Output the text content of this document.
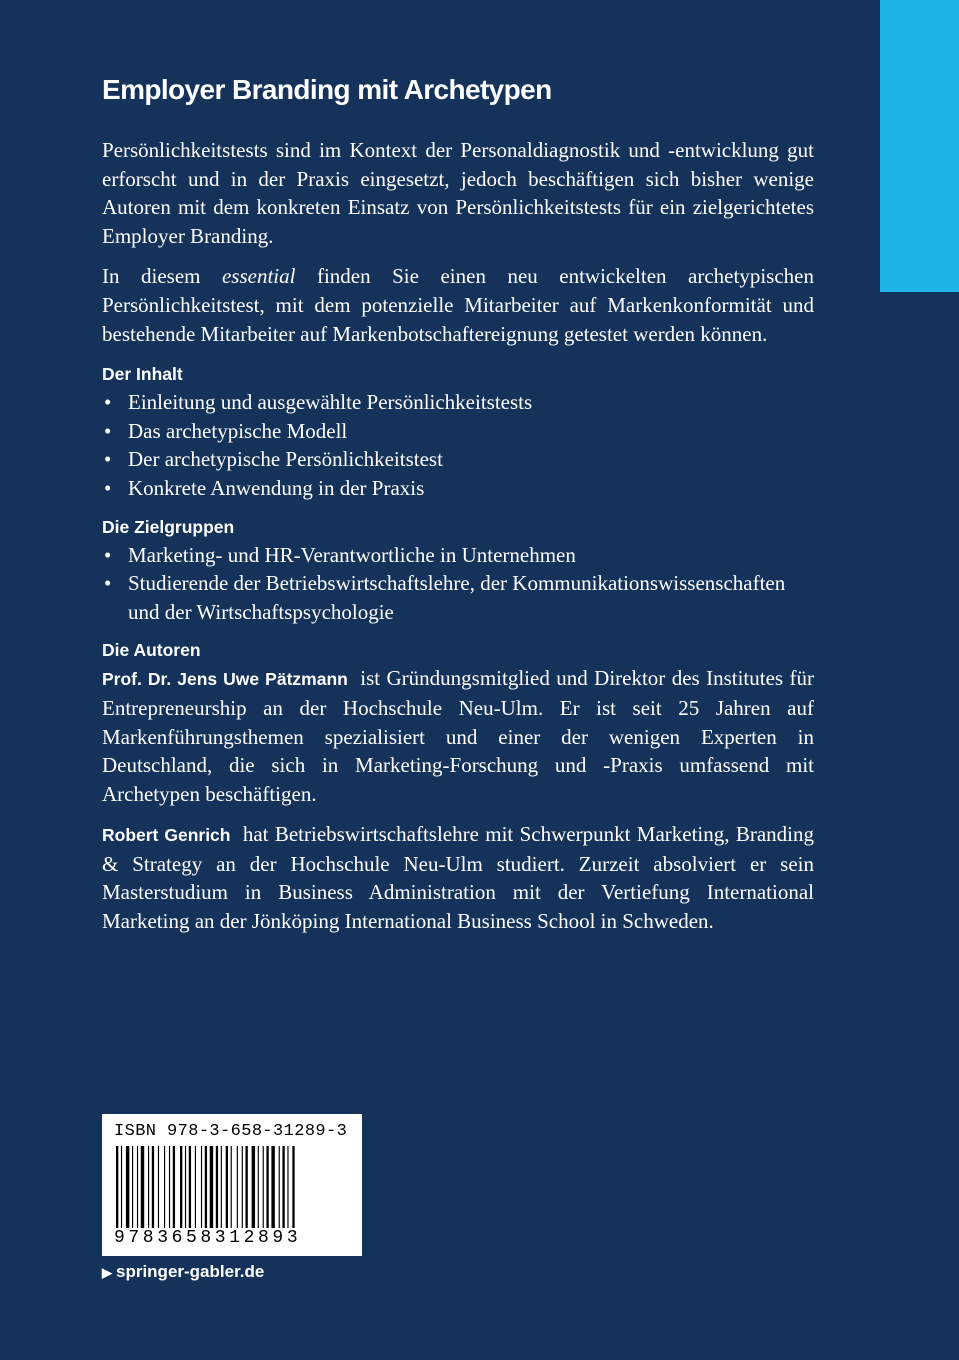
Employer Branding mit Archetypen

Persönlichkeitstests sind im Kontext der Personaldiagnostik und -entwicklung gut erforscht und in der Praxis eingesetzt, jedoch beschäftigen sich bisher wenige Autoren mit dem konkreten Einsatz von Persönlichkeitstests für ein zielgerichtetes Employer Branding.

In diesem essential finden Sie einen neu entwickelten archetypischen Persönlichkeitstest, mit dem potenzielle Mitarbeiter auf Markenkonformität und bestehende Mitarbeiter auf Markenbotschaftereignung getestet werden können.

Der Inhalt
• Einleitung und ausgewählte Persönlichkeitstests
• Das archetypische Modell
• Der archetypische Persönlichkeitstest
• Konkrete Anwendung in der Praxis
Die Zielgruppen
• Marketing- und HR-Verantwortliche in Unternehmen
• Studierende der Betriebswirtschaftslehre, der Kommunikationswissenschaften und der Wirtschaftspsychologie
Die Autoren

Prof. Dr. Jens Uwe Pätzmann ist Gründungsmitglied und Direktor des Institutes für Entrepreneurship an der Hochschule Neu-Ulm. Er ist seit 25 Jahren auf Markenführungsthemen spezialisiert und einer der wenigen Experten in Deutschland, die sich in Marketing-Forschung und -Praxis umfassend mit Archetypen beschäftigen.

Robert Genrich hat Betriebswirtschaftslehre mit Schwerpunkt Marketing, Branding & Strategy an der Hochschule Neu-Ulm studiert. Zurzeit absolviert er sein Masterstudium in Business Administration mit der Vertiefung International Marketing an der Jönköping International Business School in Schweden.

ISBN 978-3-658-31289-3
9783658312893
▶ springer-gabler.de
